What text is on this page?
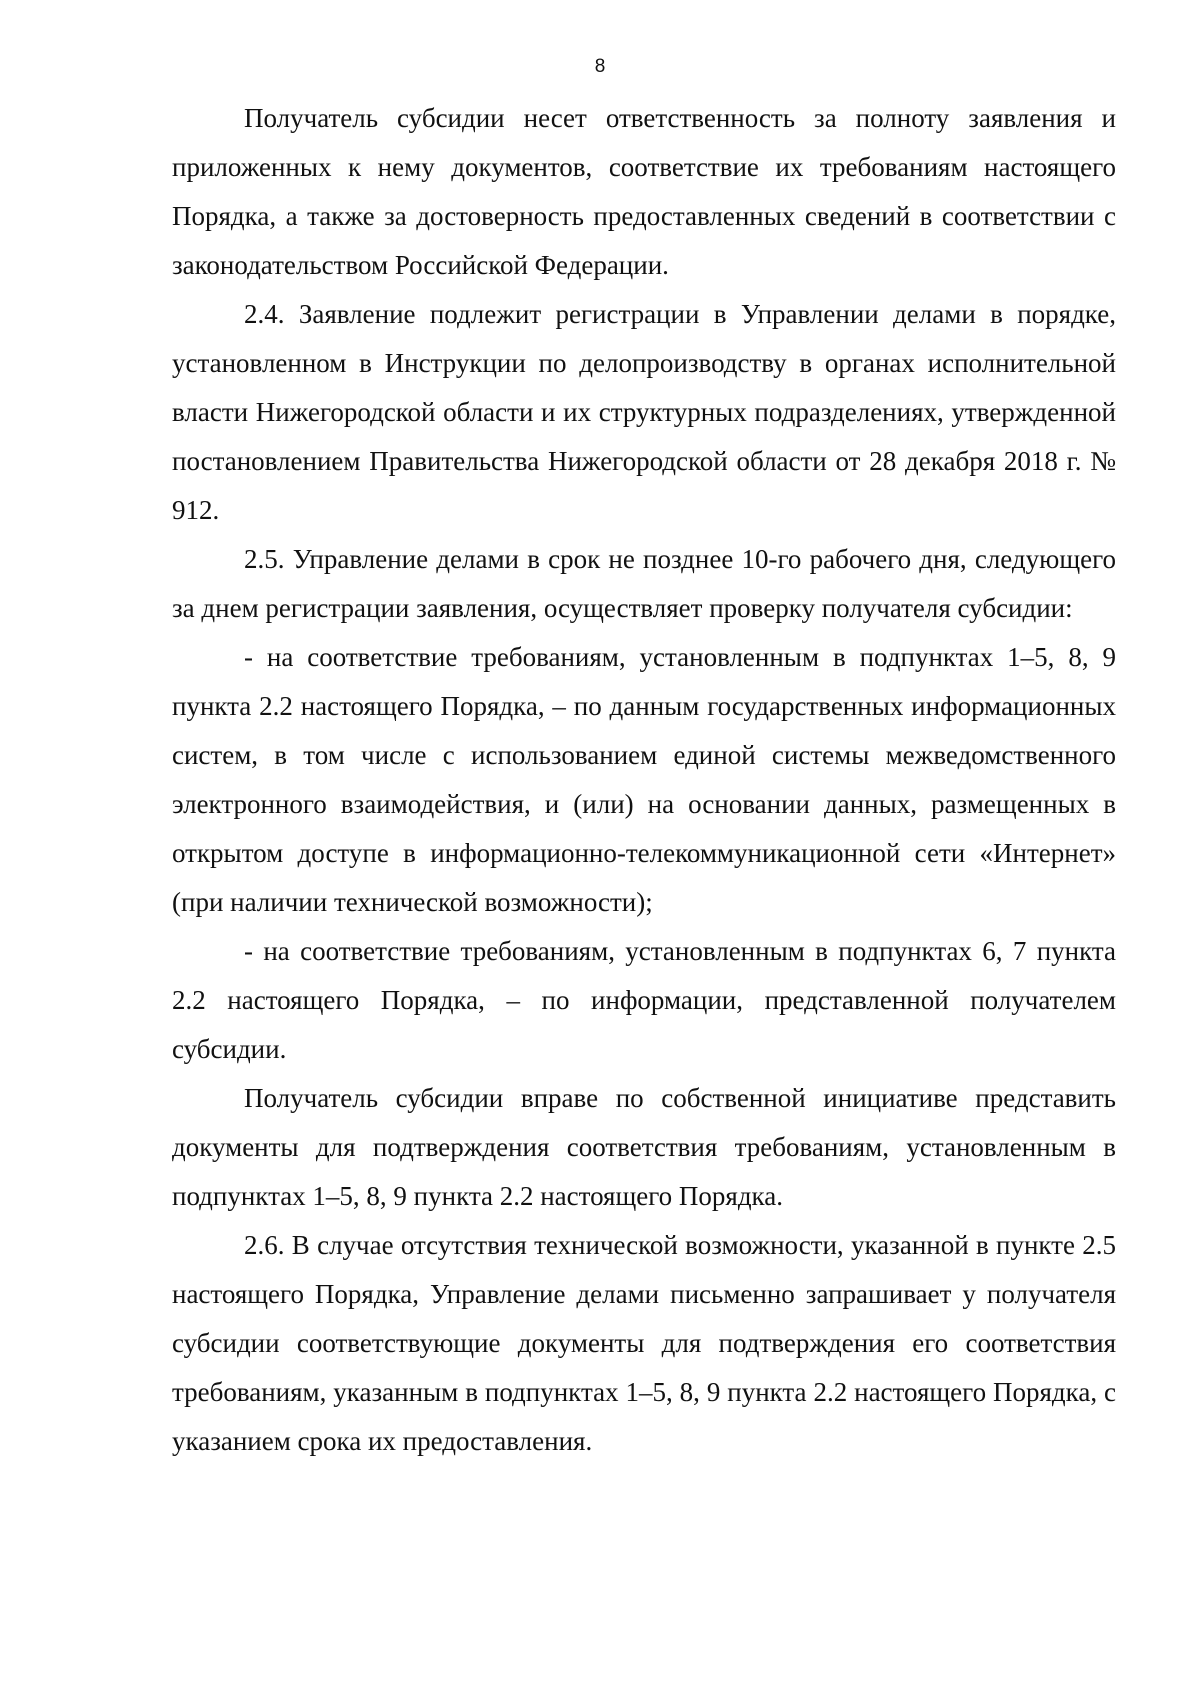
8

Получатель субсидии несет ответственность за полноту заявления и приложенных к нему документов, соответствие их требованиям настоящего Порядка, а также за достоверность предоставленных сведений в соответствии с законодательством Российской Федерации.

2.4. Заявление подлежит регистрации в Управлении делами в порядке, установленном в Инструкции по делопроизводству в органах исполнительной власти Нижегородской области и их структурных подразделениях, утвержденной постановлением Правительства Нижегородской области от 28 декабря 2018 г. № 912.

2.5. Управление делами в срок не позднее 10-го рабочего дня, следующего за днем регистрации заявления, осуществляет проверку получателя субсидии:

- на соответствие требованиям, установленным в подпунктах 1–5, 8, 9 пункта 2.2 настоящего Порядка, – по данным государственных информационных систем, в том числе с использованием единой системы межведомственного электронного взаимодействия, и (или) на основании данных, размещенных в открытом доступе в информационно-телекоммуникационной сети «Интернет» (при наличии технической возможности);

- на соответствие требованиям, установленным в подпунктах 6, 7 пункта 2.2 настоящего Порядка, – по информации, представленной получателем субсидии.

Получатель субсидии вправе по собственной инициативе представить документы для подтверждения соответствия требованиям, установленным в подпунктах 1–5, 8, 9 пункта 2.2 настоящего Порядка.

2.6. В случае отсутствия технической возможности, указанной в пункте 2.5 настоящего Порядка, Управление делами письменно запрашивает у получателя субсидии соответствующие документы для подтверждения его соответствия требованиям, указанным в подпунктах 1–5, 8, 9 пункта 2.2 настоящего Порядка, с указанием срока их предоставления.
